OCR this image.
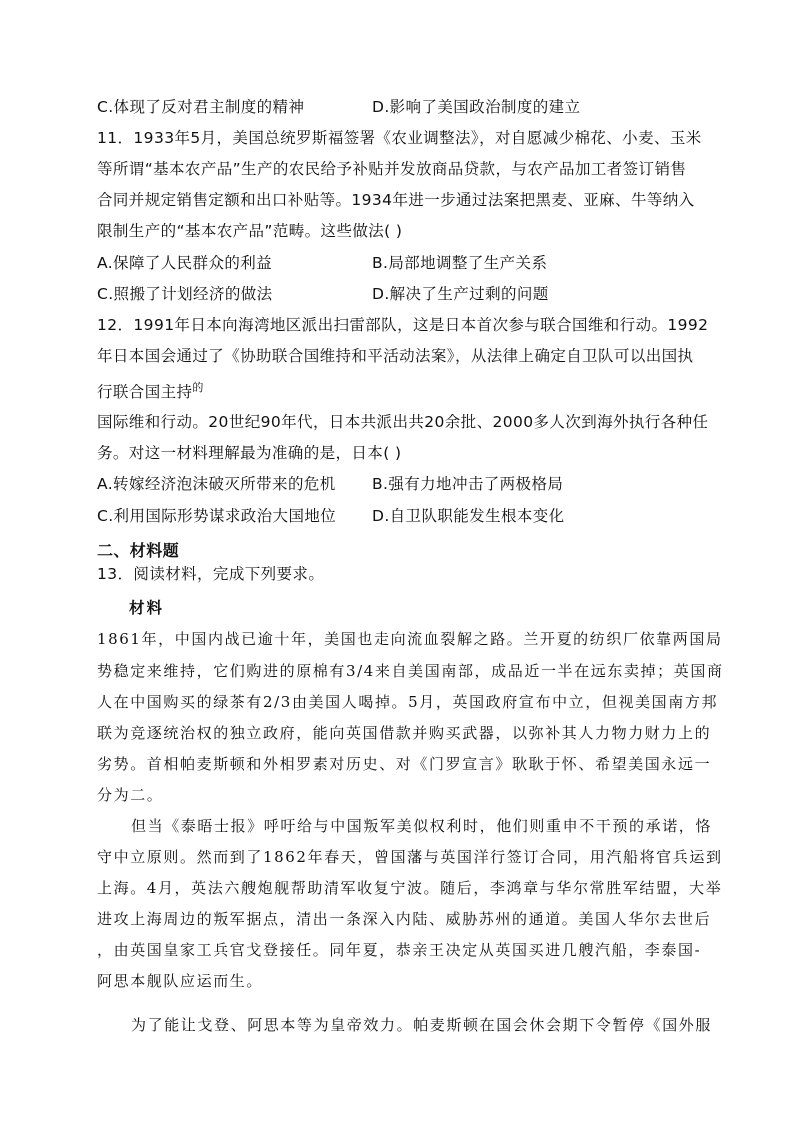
C.体现了反对君主制度的精神	D.影响了美国政治制度的建立
11．1933年5月，美国总统罗斯福签署《农业调整法》，对自愿减少棉花、小麦、玉米
等所谓“基本农产品”生产的农民给予补贴并发放商品贷款，与农产品加工者签订销售
合同并规定销售定额和出口补贴等。1934年进一步通过法案把黑麦、亚麻、牛等纳入
限制生产的“基本农产品”范畴。这些做法( )
A.保障了人民群众的利益	B.局部地调整了生产关系
C.照搬了计划经济的做法	D.解决了生产过剩的问题
12．1991年日本向海湾地区派出扫雷部队，这是日本首次参与联合国维和行动。1992
年日本国会通过了《协助联合国维持和平活动法案》，从法律上确定自卫队可以出国执
行联合国主持$^的$
国际维和行动。20世纪90年代，日本共派出共20余批、2000多人次到海外执行各种任
务。对这一材料理解最为准确的是，日本( )
A.转嫁经济泡沫破灭所带来的危机	B.强有力地冲击了两极格局
C.利用国际形势谋求政治大国地位	D.自卫队职能发生根本变化
二、材料题
13．阅读材料，完成下列要求。
材料
1861年，中国内战已逾十年，美国也走向流血裂解之路。兰开夏的纺织厂依靠两国局
势稳定来维持，它们购进的原棉有3/4来自美国南部，成品近一半在远东卖掉；英国商
人在中国购买的绿茶有2/3由美国人喝掉。5月，英国政府宣布中立，但视美国南方邦
联为竞逐统治权的独立政府，能向英国借款并购买武器，以弥补其人力物力财力上的
劣势。首相帕麦斯顿和外相罗素对历史、对《门罗宣言》耿耿于怀、希望美国永远一
分为二。
但当《泰晤士报》呼吁给与中国叛军美似权利时，他们则重申不干预的承诺，恪
守中立原则。然而到了1862年春天，曾国藩与英国洋行签订合同，用汽船将官兵运到
上海。4月，英法六艘炮舰帮助清军收复宁波。随后，李鸿章与华尔常胜军结盟，大举
进攻上海周边的叛军据点，清出一条深入内陆、威胁苏州的通道。美国人华尔去世后
，由英国皇家工兵官戈登接任。同年夏，恭亲王决定从英国买进几艘汽船，李泰国-
阿思本舰队应运而生。
为了能让戈登、阿思本等为皇帝效力。帕麦斯顿在国会休会期下令暂停《国外服
